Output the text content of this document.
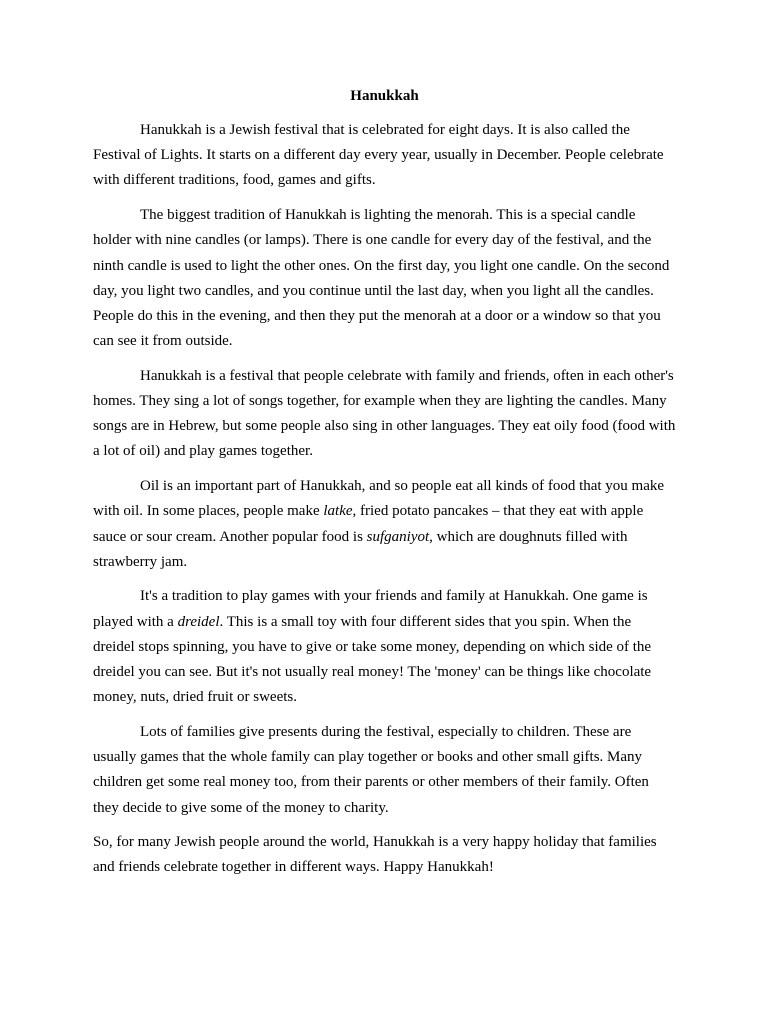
Hanukkah

Hanukkah is a Jewish festival that is celebrated for eight days. It is also called the Festival of Lights. It starts on a different day every year, usually in December. People celebrate with different traditions, food, games and gifts.

The biggest tradition of Hanukkah is lighting the menorah. This is a special candle holder with nine candles (or lamps). There is one candle for every day of the festival, and the ninth candle is used to light the other ones. On the first day, you light one candle. On the second day, you light two candles, and you continue until the last day, when you light all the candles. People do this in the evening, and then they put the menorah at a door or a window so that you can see it from outside.

Hanukkah is a festival that people celebrate with family and friends, often in each other's homes. They sing a lot of songs together, for example when they are lighting the candles. Many songs are in Hebrew, but some people also sing in other languages. They eat oily food (food with a lot of oil) and play games together.

Oil is an important part of Hanukkah, and so people eat all kinds of food that you make with oil. In some places, people make latke, fried potato pancakes – that they eat with apple sauce or sour cream. Another popular food is sufganiyot, which are doughnuts filled with strawberry jam.

It's a tradition to play games with your friends and family at Hanukkah. One game is played with a dreidel. This is a small toy with four different sides that you spin. When the dreidel stops spinning, you have to give or take some money, depending on which side of the dreidel you can see. But it's not usually real money! The 'money' can be things like chocolate money, nuts, dried fruit or sweets.

Lots of families give presents during the festival, especially to children. These are usually games that the whole family can play together or books and other small gifts. Many children get some real money too, from their parents or other members of their family. Often they decide to give some of the money to charity.

So, for many Jewish people around the world, Hanukkah is a very happy holiday that families and friends celebrate together in different ways. Happy Hanukkah!
